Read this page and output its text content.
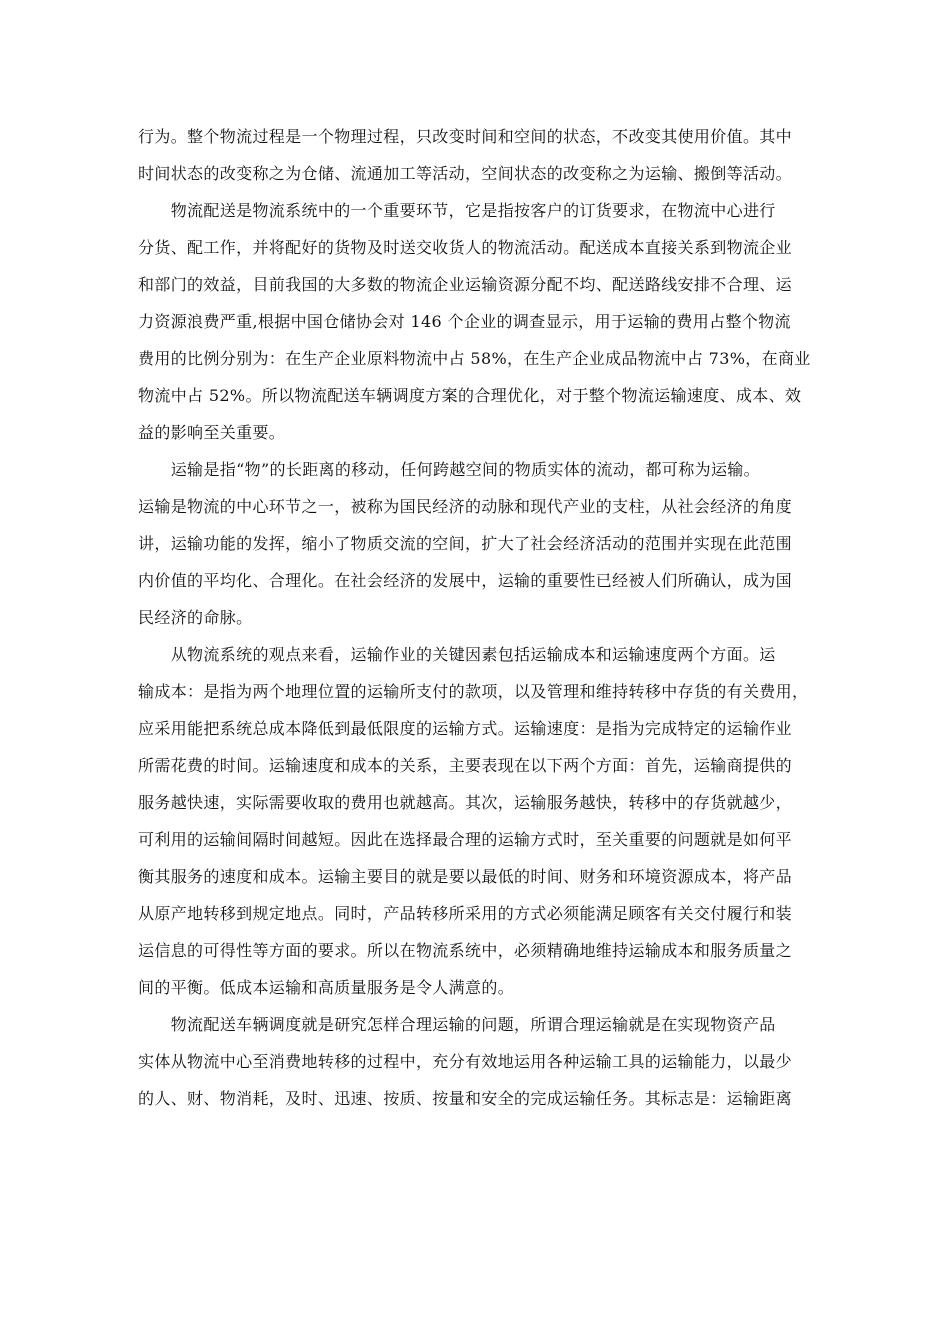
行为。整个物流过程是一个物理过程，只改变时间和空间的状态，不改变其使用价值。其中
时间状态的改变称之为仓储、流通加工等活动，空间状态的改变称之为运输、搬倒等活动。
　　物流配送是物流系统中的一个重要环节，它是指按客户的订货要求，在物流中心进行
分货、配工作，并将配好的货物及时送交收货人的物流活动。配送成本直接关系到物流企业
和部门的效益，目前我国的大多数的物流企业运输资源分配不均、配送路线安排不合理、运
力资源浪费严重,根据中国仓储协会对 146 个企业的调查显示，用于运输的费用占整个物流
费用的比例分别为：在生产企业原料物流中占 58%，在生产企业成品物流中占 73%，在商业
物流中占 52%。所以物流配送车辆调度方案的合理优化，对于整个物流运输速度、成本、效
益的影响至关重要。
　　运输是指“物”的长距离的移动，任何跨越空间的物质实体的流动，都可称为运输。
运输是物流的中心环节之一，被称为国民经济的动脉和现代产业的支柱，从社会经济的角度
讲，运输功能的发挥，缩小了物质交流的空间，扩大了社会经济活动的范围并实现在此范围
内价值的平均化、合理化。在社会经济的发展中，运输的重要性已经被人们所确认，成为国
民经济的命脉。
　　从物流系统的观点来看，运输作业的关键因素包括运输成本和运输速度两个方面。运
输成本：是指为两个地理位置的运输所支付的款项，以及管理和维持转移中存货的有关费用，
应采用能把系统总成本降低到最低限度的运输方式。运输速度：是指为完成特定的运输作业
所需花费的时间。运输速度和成本的关系，主要表现在以下两个方面：首先，运输商提供的
服务越快速，实际需要收取的费用也就越高。其次，运输服务越快，转移中的存货就越少，
可利用的运输间隔时间越短。因此在选择最合理的运输方式时，至关重要的问题就是如何平
衡其服务的速度和成本。运输主要目的就是要以最低的时间、财务和环境资源成本，将产品
从原产地转移到规定地点。同时，产品转移所采用的方式必须能满足顾客有关交付履行和装
运信息的可得性等方面的要求。所以在物流系统中，必须精确地维持运输成本和服务质量之
间的平衡。低成本运输和高质量服务是令人满意的。
　　物流配送车辆调度就是研究怎样合理运输的问题，所谓合理运输就是在实现物资产品
实体从物流中心至消费地转移的过程中，充分有效地运用各种运输工具的运输能力，以最少
的人、财、物消耗，及时、迅速、按质、按量和安全的完成运输任务。其标志是：运输距离
